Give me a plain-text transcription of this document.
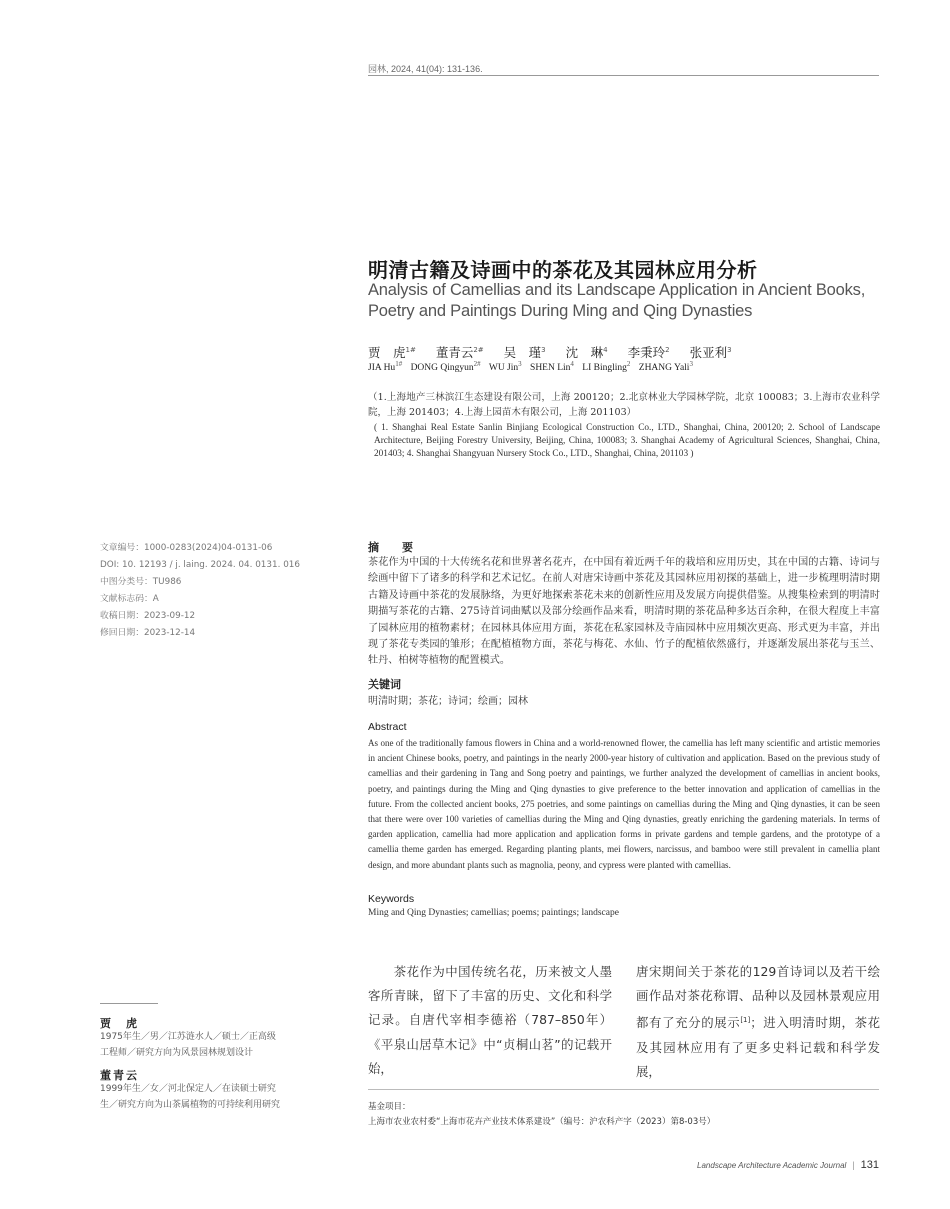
园林, 2024, 41(04): 131-136.
明清古籍及诗画中的茶花及其园林应用分析
Analysis of Camellias and its Landscape Application in Ancient Books, Poetry and Paintings During Ming and Qing Dynasties
贾　虎$^{1\#}$ 董青云$^{2\#}$ 吴　瑾$^3$ 沈　琳$^4$ 李秉玲$^2$ 张亚利$^3$
JIA $Hu^{1\#}$ DONG Qingyun$^{2\#}$ WU Jin$^3$ SHEN Lin$^4$ LI Bingling$^2$ ZHANG Yali$^3$
（1.上海地产三林滨江生态建设有限公司，上海 200120；2.北京林业大学园林学院，北京 100083；3.上海市农业科学院，上海 201403；4.上海上园苗木有限公司，上海 201103）
( 1. Shanghai Real Estate Sanlin Binjiang Ecological Construction Co., LTD., Shanghai, China, 200120; 2. School of Landscape Architecture, Beijing Forestry University, Beijing, China, 100083; 3. Shanghai Academy of Agricultural Sciences, Shanghai, China, 201403; 4. Shanghai Shangyuan Nursery Stock Co., LTD., Shanghai, China, 201103 )
文章编号：1000-0283(2024)04-0131-06
DOI: 10. 12193 / j. laing. 2024. 04. 0131. 016
中图分类号：TU986
文献标志码：A
收稿日期：2023-09-12
修回日期：2023-12-14
摘　要
茶花作为中国的十大传统名花和世界著名花卉，在中国有着近两千年的栽培和应用历史，其在中国的古籍、诗词与绘画中留下了诸多的科学和艺术记忆。在前人对唐宋诗画中茶花及其园林应用初探的基础上，进一步梳理明清时期古籍及诗画中茶花的发展脉络，为更好地探索茶花未来的创新性应用及发展方向提供借鉴。从搜集检索到的明清时期描写茶花的古籍、275诗首词曲赋以及部分绘画作品来看，明清时期的茶花品种多达百余种，在很大程度上丰富了园林应用的植物素材；在园林具体应用方面，茶花在私家园林及寺庙园林中应用频次更高、形式更为丰富，并出现了茶花专类园的雏形；在配植植物方面，茶花与梅花、水仙、竹子的配植依然盛行，并逐渐发展出茶花与玉兰、牡丹、柏树等植物的配置模式。
关键词
明清时期；茶花；诗词；绘画；园林
Abstract
As one of the traditionally famous flowers in China and a world-renowned flower, the camellia has left many scientific and artistic memories in ancient Chinese books, poetry, and paintings in the nearly 2000-year history of cultivation and application. Based on the previous study of camellias and their gardening in Tang and Song poetry and paintings, we further analyzed the development of camellias in ancient books, poetry, and paintings during the Ming and Qing dynasties to give preference to the better innovation and application of camellias in the future. From the collected ancient books, 275 poetries, and some paintings on camellias during the Ming and Qing dynasties, it can be seen that there were over 100 varieties of camellias during the Ming and Qing dynasties, greatly enriching the gardening materials. In terms of garden application, camellia had more application and application forms in private gardens and temple gardens, and the prototype of a camellia theme garden has emerged. Regarding planting plants, mei flowers, narcissus, and bamboo were still prevalent in camellia plant design, and more abundant plants such as magnolia, peony, and cypress were planted with camellias.
Keywords
Ming and Qing Dynasties; camellias; poems; paintings; landscape
　　茶花作为中国传统名花，历来被文人墨客所青睐，留下了丰富的历史、文化和科学记录。自唐代宰相李德裕（787–850年）《平泉山居草木记》中“贞桐山茗”的记载开始，
唐宋期间关于茶花的129首诗词以及若干绘画作品对茶花称谓、品种以及园林景观应用都有了充分的展示[1]；进入明清时期，茶花及其园林应用有了更多史料记载和科学发展，
贾　虎
1975年生／男／江苏涟水人／硕士／正高级工程师／研究方向为风景园林规划设计
董青云
1999年生／女／河北保定人／在读硕士研究生／研究方向为山茶属植物的可持续利用研究	基金项目：
上海市农业农村委“上海市花卉产业技术体系建设”（编号：沪农科产字（2023）第8-03号）
Landscape Architecture Academic Journal | 131
